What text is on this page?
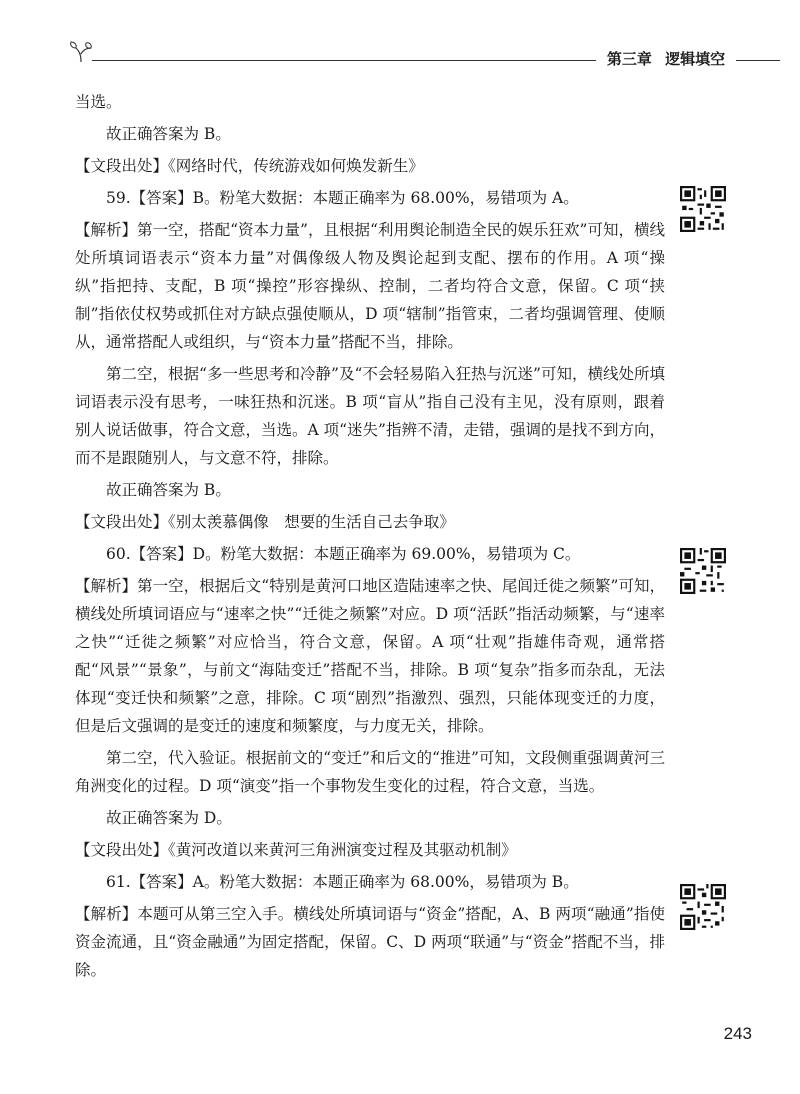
第三章 逻辑填空

当选。

故正确答案为 B。

【文段出处】《网络时代，传统游戏如何焕发新生》

59.【答案】B。粉笔大数据：本题正确率为 68.00%，易错项为 A。

【解析】第一空，搭配“资本力量”，且根据“利用舆论制造全民的娱乐狂欢”可知，横线处所填词语表示“资本力量”对偶像级人物及舆论起到支配、摆布的作用。A 项“操纵”指把持、支配，B 项“操控”形容操纵、控制，二者均符合文意，保留。C 项“挟制”指依仗权势或抓住对方缺点强使顺从，D 项“辖制”指管束，二者均强调管理、使顺从，通常搭配人或组织，与“资本力量”搭配不当，排除。

第二空，根据“多一些思考和冷静”及“不会轻易陷入狂热与沉迷”可知，横线处所填词语表示没有思考，一味狂热和沉迷。B 项“盲从”指自己没有主见，没有原则，跟着别人说话做事，符合文意，当选。A 项“迷失”指辨不清，走错，强调的是找不到方向，而不是跟随别人，与文意不符，排除。

故正确答案为 B。

【文段出处】《别太羡慕偶像　想要的生活自己去争取》

60.【答案】D。粉笔大数据：本题正确率为 69.00%，易错项为 C。

【解析】第一空，根据后文“特别是黄河口地区造陆速率之快、尾闾迁徙之频繁”可知，横线处所填词语应与“速率之快”“迁徙之频繁”对应。D 项“活跃”指活动频繁，与“速率之快”“迁徙之频繁”对应恰当，符合文意，保留。A 项“壮观”指雄伟奇观，通常搭配“风景”“景象”，与前文“海陆变迁”搭配不当，排除。B 项“复杂”指多而杂乱，无法体现“变迁快和频繁”之意，排除。C 项“剧烈”指激烈、强烈，只能体现变迁的力度，但是后文强调的是变迁的速度和频繁度，与力度无关，排除。

第二空，代入验证。根据前文的“变迁”和后文的“推进”可知，文段侧重强调黄河三角洲变化的过程。D 项“演变”指一个事物发生变化的过程，符合文意，当选。

故正确答案为 D。

【文段出处】《黄河改道以来黄河三角洲演变过程及其驱动机制》

61.【答案】A。粉笔大数据：本题正确率为 68.00%，易错项为 B。

【解析】本题可从第三空入手。横线处所填词语与“资金”搭配，A、B 两项“融通”指使资金流通，且“资金融通”为固定搭配，保留。C、D 两项“联通”与“资金”搭配不当，排除。

243
